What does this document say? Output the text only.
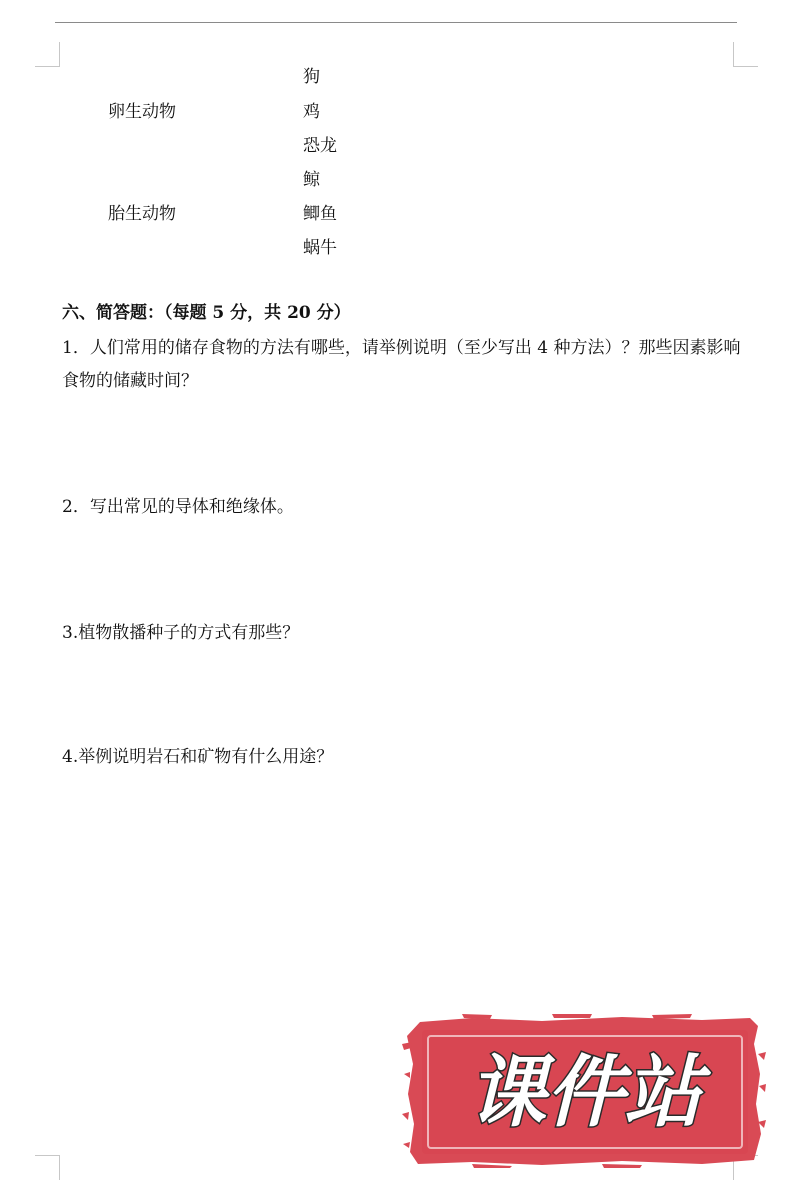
卵生动物
胎生动物
狗
鸡
恐龙
鲸
鲫鱼
蜗牛
六、简答题：（每题 5 分，共 20 分）
1．人们常用的储存食物的方法有哪些，请举例说明（至少写出 4 种方法）？那些因素影响食物的储藏时间？
2．写出常见的导体和绝缘体。
3.植物散播种子的方式有那些？
4.举例说明岩石和矿物有什么用途？
课件站
